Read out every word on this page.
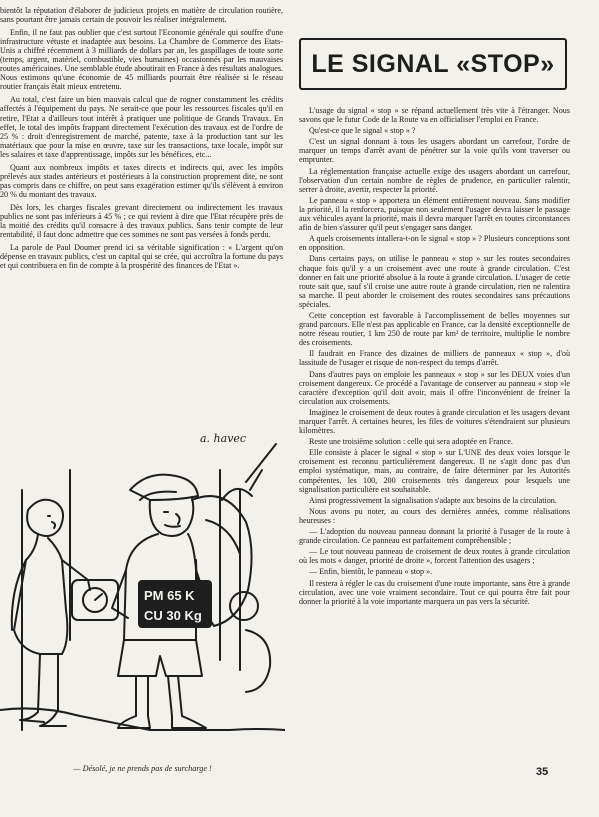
bientôt la réputation d'élaborer de judicieux projets en matière de circulation routière, sans pourtant être jamais certain de pouvoir les réaliser intégralement.

Enfin, il ne faut pas oublier que c'est surtout l'Economie générale qui souffre d'une infrastructure vétuste et inadaptée aux besoins. La Chambre de Commerce des Etats-Unis a chiffré récemment à 3 milliards de dollars par an, les gaspillages de toute sorte (temps, argent, matériel, combustible, vies humaines) occasionnés par les mauvaises routes américaines. Une semblable étude aboutirait en France à des résultats analogues. Nous estimons qu'une économie de 45 milliards pourrait être réalisée si le réseau routier français était mieux entretenu.

Au total, c'est faire un bien mauvais calcul que de rogner constamment les crédits affectés à l'équipement du pays. Ne serait-ce que pour les ressources fiscales qu'il en retire, l'Etat a d'ailleurs tout intérêt à pratiquer une politique de Grands Travaux. En effet, le total des impôts frappant directement l'exécution des travaux est de l'ordre de 25 % : droit d'enregistrement de marché, patente, taxe à la production tant sur les matériaux que pour la mise en œuvre, taxe sur les transactions, taxe locale, impôt sur les salaires et taxe d'apprentissage, impôts sur les bénéfices, etc...

Quant aux nombreux impôts et taxes directs et indirects qui, avec les impôts prélevés aux stades antérieurs et postérieurs à la construction proprement dite, ne sont pas compris dans ce chiffre, on peut sans exagération estimer qu'ils s'élèvent à environ 20 % du montant des travaux.

Dès lors, les charges fiscales grevant directement ou indirectement les travaux publics ne sont pas inférieurs à 45 % ; ce qui revient à dire que l'Etat récupère près de la moitié des crédits qu'il consacre à des travaux publics. Sans tenir compte de leur rentabilité, il faut donc admettre que ces sommes ne sont pas versées à fonds perdu.

La parole de Paul Doumer prend ici sa véritable signification : « L'argent qu'on dépense en travaux publics, c'est un capital qui se crée, qui accroîtra la fortune du pays et qui contribuera en fin de compte à la prospérité des finances de l'Etat ».

LE SIGNAL «STOP»

L'usage du signal « stop » se répand actuellement très vite à l'étranger. Nous savons que le futur Code de la Route va en officialiser l'emploi en France.

Qu'est-ce que le signal « stop » ?

C'est un signal donnant à tous les usagers abordant un carrefour, l'ordre de marquer un temps d'arrêt avant de pénétrer sur la voie qu'ils vont traverser ou emprunter.

La réglementation française actuelle exige des usagers abordant un carrefour, l'observation d'un certain nombre de règles de prudence, en particulier ralentir, serrer à droite, avertir, respecter la priorité.

Le panneau « stop » apportera un élément entièrement nouveau. Sans modifier la priorité, il la renforcera, puisque non seulement l'usager devra laisser le passage aux véhicules ayant la priorité, mais il devra marquer l'arrêt en toutes circonstances afin de bien s'assurer qu'il peut s'engager sans danger.

A quels croisements intallera-t-on le signal « stop » ? Plusieurs conceptions sont en opposition.

Dans certains pays, on utilise le panneau « stop » sur les routes secondaires chaque fois qu'il y a un croisement avec une route à grande circulation. C'est donner en fait une priorité absolue à la route à grande circulation. L'usager de cette route sait que, sauf s'il croise une autre route à grande circulation, rien ne ralentira sa marche. Il peut aborder le croisement des routes secondaires sans précautions spéciales.

Cette conception est favorable à l'accomplissement de belles moyennes sur grand parcours. Elle n'est pas applicable en France, car la densité exceptionnelle de notre réseau routier, 1 km 250 de route par km² de territoire, multiplie le nombre des croisements.

Il faudrait en France des dizaines de milliers de panneaux « stop », d'où lassitude de l'usager et risque de non-respect du temps d'arrêt.

Dans d'autres pays on emploie les panneaux « stop » sur les DEUX voies d'un croisement dangereux. Ce procédé a l'avantage de conserver au panneau « stop »le caractère d'exception qu'il doit avoir, mais il offre l'inconvénient de freiner la circulation aux croisements.

Imaginez le croisement de deux routes à grande circulation et les usagers devant marquer l'arrêt. A certaines heures, les files de voitures s'étendraient sur plusieurs kilomètres.

Reste une troisième solution : celle qui sera adoptée en France.

Elle consiste à placer le signal « stop » sur L'UNE des deux voies lorsque le croisement est reconnu particulièrement dangereux. Il ne s'agit donc pas d'un emploi systématique, mais, au contraire, de faire déterminer par les Autorités compétentes, les 100, 200 croisements très dangereux pour lesquels une signalisation particulière est souhaitable.

Ainsi progressivement la signalisation s'adapte aux besoins de la circulation.

Nous avons pu noter, au cours des dernières années, comme réalisations heureuses :

— L'adoption du nouveau panneau donnant la priorité à l'usager de la route à grande circulation. Ce panneau est parfaitement compréhensible ;

— Le tout nouveau panneau de croisement de deux routes à grande circulation où les mots « danger, priorité de droite », forcent l'attention des usagers ;

— Enfin, bientôt, le panneau « stop ».

Il restera à régler le cas du croisement d'une route importante, sans être à grande circulation, avec une voie vraiment secondaire. Tout ce qui pourra être fait pour donner la priorité à la voie importante marquera un pas vers la sécurité.

PM 65 K
CU 30 Kg
a. havec
— Désolé, je ne prends pas de surcharge !	35
